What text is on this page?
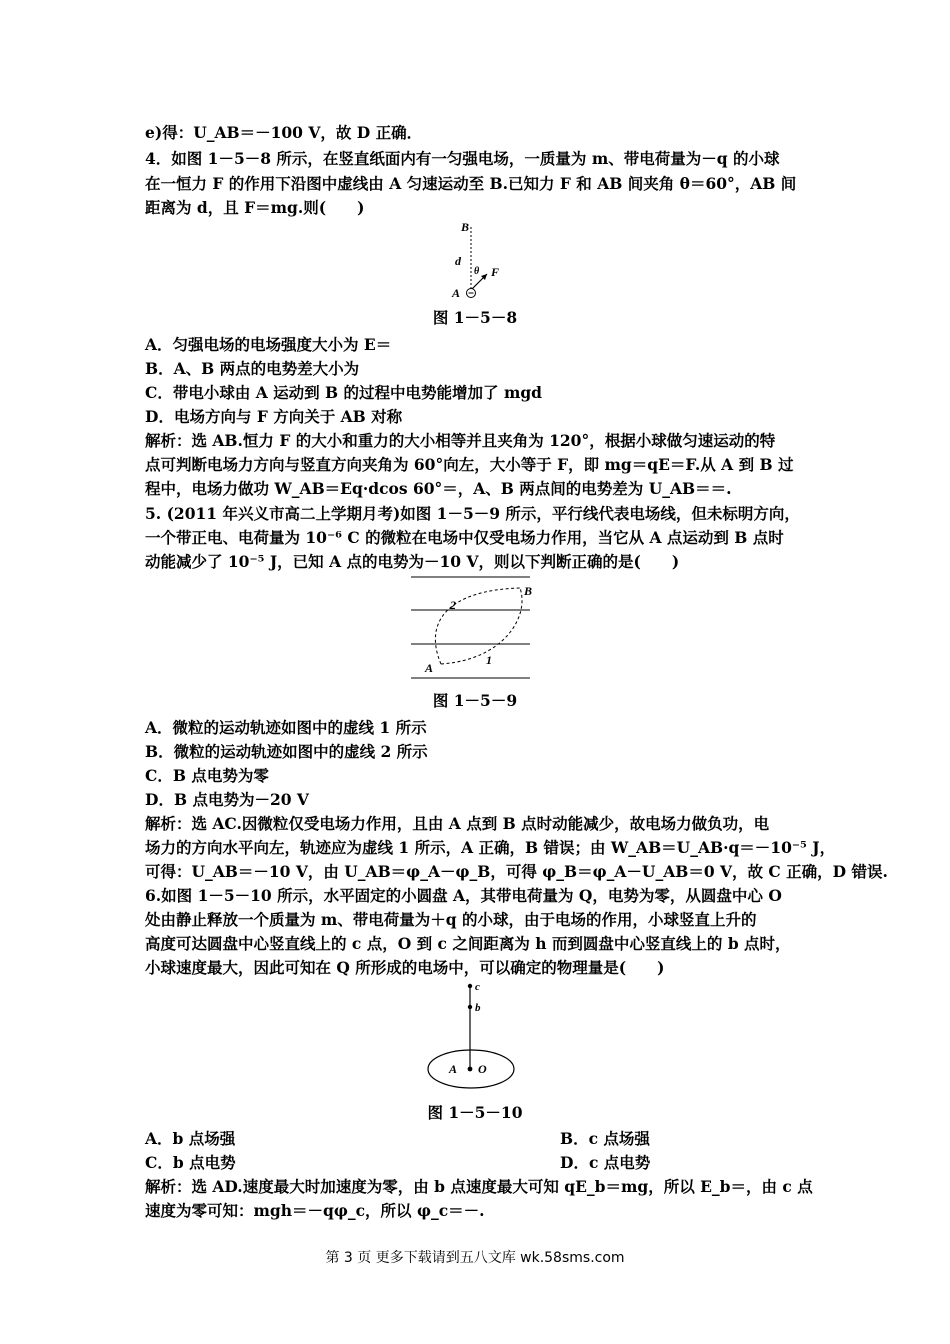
e)得：U_AB＝－100 V，故 D 正确．
4．如图 1－5－8 所示，在竖直纸面内有一匀强电场，一质量为 m、带电荷量为－q 的小球
在一恒力 F 的作用下沿图中虚线由 A 匀速运动至 B.已知力 F 和 AB 间夹角 θ＝60°，AB 间
距离为 d，且 F＝mg.则(　　)
B
d
θ F
A
图 1－5－8
A．匀强电场的电场强度大小为 E＝
B．A、B 两点的电势差大小为
C．带电小球由 A 运动到 B 的过程中电势能增加了 mgd
D．电场方向与 F 方向关于 AB 对称
解析：选 AB.恒力 F 的大小和重力的大小相等并且夹角为 120°，根据小球做匀速运动的特
点可判断电场力方向与竖直方向夹角为 60°向左，大小等于 F，即 mg＝qE＝F.从 A 到 B 过
程中，电场力做功 W_AB＝Eq·dcos 60°＝，A、B 两点间的电势差为 U_AB＝＝.
5. (2011 年兴义市高二上学期月考)如图 1－5－9 所示，平行线代表电场线，但未标明方向，
一个带正电、电荷量为 10⁻⁶ C 的微粒在电场中仅受电场力作用，当它从 A 点运动到 B 点时
动能减少了 10⁻⁵ J，已知 A 点的电势为－10 V，则以下判断正确的是(　　)
A
B
2
1
图 1－5－9
A．微粒的运动轨迹如图中的虚线 1 所示
B．微粒的运动轨迹如图中的虚线 2 所示
C．B 点电势为零
D．B 点电势为－20 V
解析：选 AC.因微粒仅受电场力作用，且由 A 点到 B 点时动能减少，故电场力做负功，电
场力的方向水平向左，轨迹应为虚线 1 所示，A 正确，B 错误；由 W_AB＝U_AB·q＝－10⁻⁵ J，
可得：U_AB＝－10 V，由 U_AB＝φ_A－φ_B，可得 φ_B＝φ_A－U_AB＝0 V，故 C 正确，D 错误.
6.如图 1－5－10 所示，水平固定的小圆盘 A，其带电荷量为 Q，电势为零，从圆盘中心 O
处由静止释放一个质量为 m、带电荷量为＋q 的小球，由于电场的作用，小球竖直上升的
高度可达圆盘中心竖直线上的 c 点，O 到 c 之间距离为 h 而到圆盘中心竖直线上的 b 点时，
小球速度最大，因此可知在 Q 所形成的电场中，可以确定的物理量是(　　)
c
b
A O
图 1－5－10
A．b 点场强	B．c 点场强
C．b 点电势	D．c 点电势
解析：选 AD.速度最大时加速度为零，由 b 点速度最大可知 qE_b＝mg，所以 E_b＝，由 c 点
速度为零可知：mgh＝－qφ_c，所以 φ_c＝－.
第 3 页 更多下载请到五八文库 wk.58sms.com
